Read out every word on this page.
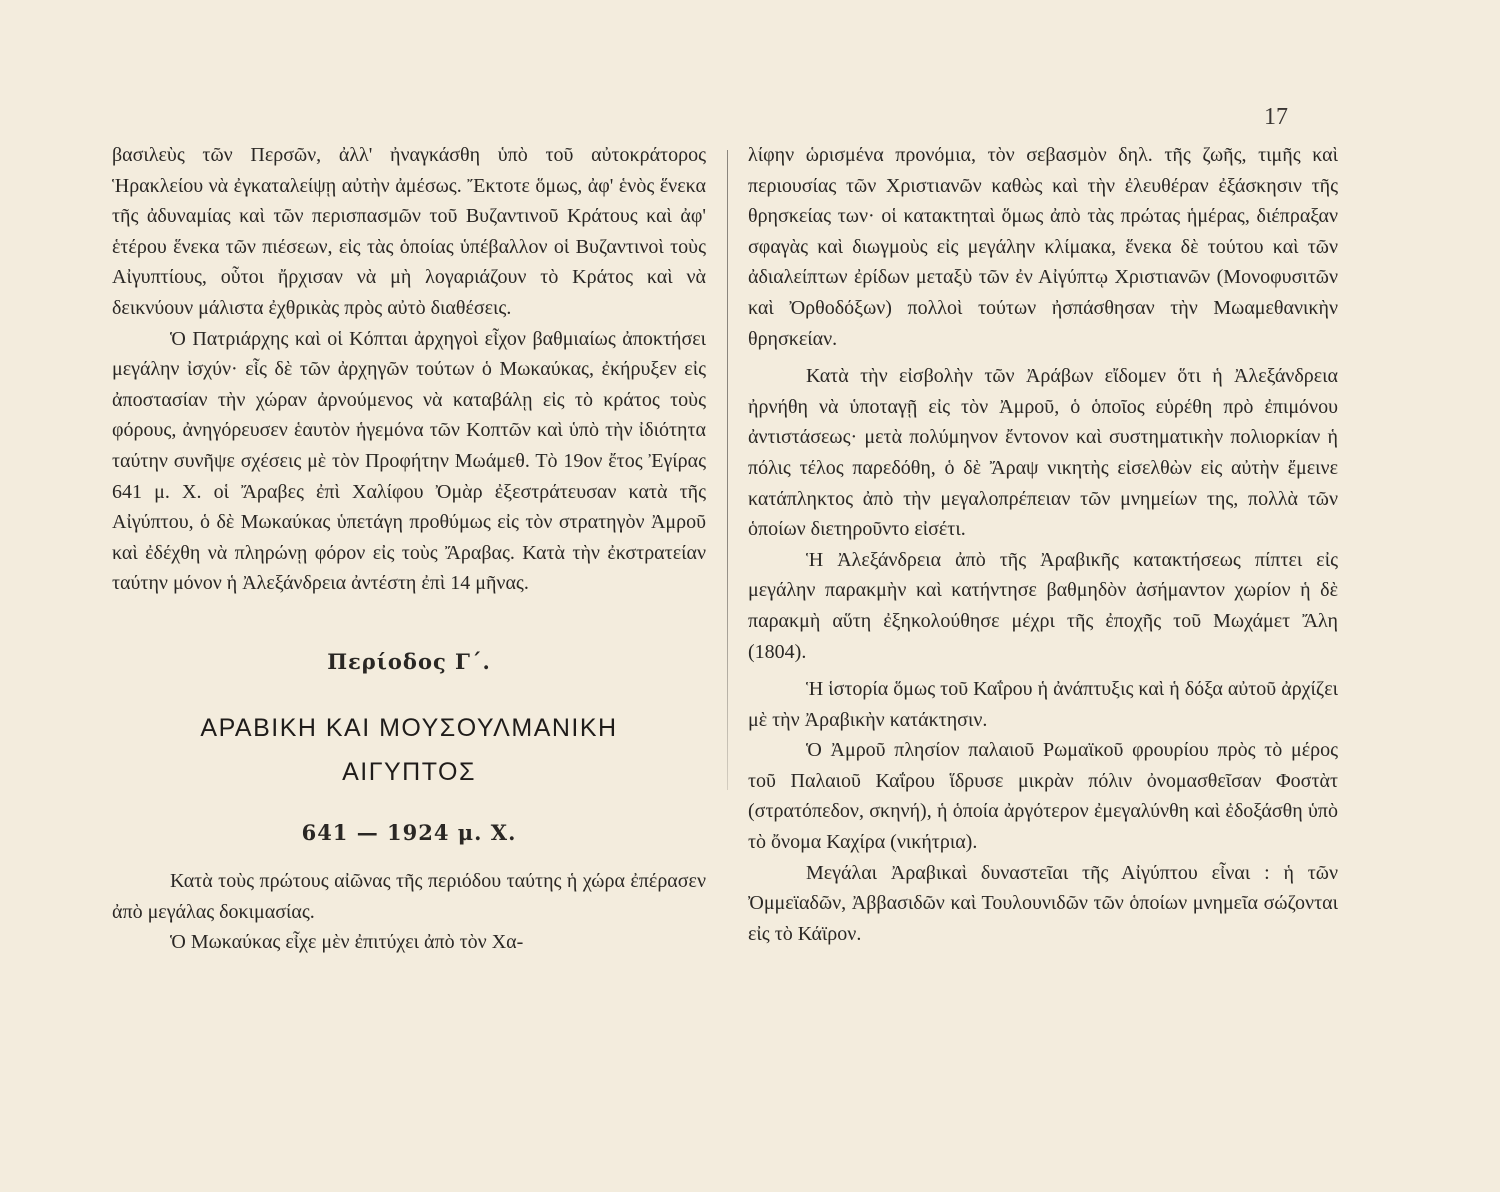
17

βασιλεὺς τῶν Περσῶν, ἀλλ' ἠναγκάσθη ὑπὸ τοῦ αὐτοκράτορος Ἡρακλείου νὰ ἐγκαταλείψῃ αὐτὴν ἀμέσως. Ἔκτοτε ὅμως, ἀφ' ἑνὸς ἕνεκα τῆς ἀδυναμίας καὶ τῶν περισπασμῶν τοῦ Βυζαντινοῦ Κράτους καὶ ἀφ' ἑτέρου ἕνεκα τῶν πιέσεων, εἰς τὰς ὁποίας ὑπέβαλλον οἱ Βυζαντινοὶ τοὺς Αἰγυπτίους, οὗτοι ἤρχισαν νὰ μὴ λογαριάζουν τὸ Κράτος καὶ νὰ δεικνύουν μάλιστα ἐχθρικὰς πρὸς αὐτὸ διαθέσεις.

Ὁ Πατριάρχης καὶ οἱ Κόπται ἀρχηγοὶ εἶχον βαθμιαίως ἀποκτήσει μεγάλην ἰσχύν· εἷς δὲ τῶν ἀρχηγῶν τούτων ὁ Μωκαύκας, ἐκήρυξεν εἰς ἀποστασίαν τὴν χώραν ἀρνούμενος νὰ καταβάλῃ εἰς τὸ κράτος τοὺς φόρους, ἀνηγόρευσεν ἑαυτὸν ἡγεμόνα τῶν Κοπτῶν καὶ ὑπὸ τὴν ἰδιότητα ταύτην συνῆψε σχέσεις μὲ τὸν Προφήτην Μωάμεθ. Τὸ 19ον ἔτος Ἐγίρας 641 μ. Χ. οἱ Ἄραβες ἐπὶ Χαλίφου Ὀμὰρ ἐξεστράτευσαν κατὰ τῆς Αἰγύπτου, ὁ δὲ Μωκαύκας ὑπετάγη προθύμως εἰς τὸν στρατηγὸν Ἀμροῦ καὶ ἐδέχθη νὰ πληρώνῃ φόρον εἰς τοὺς Ἄραβας. Κατὰ τὴν ἐκστρατείαν ταύτην μόνον ἡ Ἀλεξάνδρεια ἀντέστη ἐπὶ 14 μῆνας.

Περίοδος Γ΄.
ΑΡΑΒΙΚΗ ΚΑΙ ΜΟΥΣΟΥΛΜΑΝΙΚΗ
ΑΙΓΥΠΤΟΣ
641 — 1924 μ. Χ.

Κατὰ τοὺς πρώτους αἰῶνας τῆς περιόδου ταύτης ἡ χώρα ἐπέρασεν ἀπὸ μεγάλας δοκιμασίας.

Ὁ Μωκαύκας εἶχε μὲν ἐπιτύχει ἀπὸ τὸν Χα-

λίφην ὡρισμένα προνόμια, τὸν σεβασμὸν δηλ. τῆς ζωῆς, τιμῆς καὶ περιουσίας τῶν Χριστιανῶν καθὼς καὶ τὴν ἐλευθέραν ἐξάσκησιν τῆς θρησκείας των· οἱ κατακτηταὶ ὅμως ἀπὸ τὰς πρώτας ἡμέρας, διέπραξαν σφαγὰς καὶ διωγμοὺς εἰς μεγάλην κλίμακα, ἕνεκα δὲ τούτου καὶ τῶν ἀδιαλείπτων ἐρίδων μεταξὺ τῶν ἐν Αἰγύπτῳ Χριστιανῶν (Μονοφυσιτῶν καὶ Ὀρθοδόξων) πολλοὶ τούτων ἠσπάσθησαν τὴν Μωαμεθανικὴν θρησκείαν.

Κατὰ τὴν εἰσβολὴν τῶν Ἀράβων εἴδομεν ὅτι ἡ Ἀλεξάνδρεια ἠρνήθη νὰ ὑποταγῇ εἰς τὸν Ἀμροῦ, ὁ ὁποῖος εὑρέθη πρὸ ἐπιμόνου ἀντιστάσεως· μετὰ πολύμηνον ἔντονον καὶ συστηματικὴν πολιορκίαν ἡ πόλις τέλος παρεδόθη, ὁ δὲ Ἄραψ νικητὴς εἰσελθὼν εἰς αὐτὴν ἔμεινε κατάπληκτος ἀπὸ τὴν μεγαλοπρέπειαν τῶν μνημείων της, πολλὰ τῶν ὁποίων διετηροῦντο εἰσέτι.

Ἡ Ἀλεξάνδρεια ἀπὸ τῆς Ἀραβικῆς κατακτήσεως πίπτει εἰς μεγάλην παρακμὴν καὶ κατήντησε βαθμηδὸν ἀσήμαντον χωρίον ἡ δὲ παρακμὴ αὕτη ἐξηκολούθησε μέχρι τῆς ἐποχῆς τοῦ Μωχάμετ Ἄλη (1804).

Ἡ ἱστορία ὅμως τοῦ Καΐρου ἡ ἀνάπτυξις καὶ ἡ δόξα αὐτοῦ ἀρχίζει μὲ τὴν Ἀραβικὴν κατάκτησιν.

Ὁ Ἀμροῦ πλησίον παλαιοῦ Ρωμαϊκοῦ φρουρίου πρὸς τὸ μέρος τοῦ Παλαιοῦ Καΐρου ἵδρυσε μικρὰν πόλιν ὀνομασθεῖσαν Φοστὰτ (στρατόπεδον, σκηνή), ἡ ὁποία ἀργότερον ἐμεγαλύνθη καὶ ἐδοξάσθη ὑπὸ τὸ ὄνομα Καχίρα (νικήτρια).

Μεγάλαι Ἀραβικαὶ δυναστεῖαι τῆς Αἰγύπτου εἶναι : ἡ τῶν Ὀμμεϊαδῶν, Ἀββασιδῶν καὶ Τουλουνιδῶν τῶν ὁποίων μνημεῖα σώζονται εἰς τὸ Κάϊρον.
